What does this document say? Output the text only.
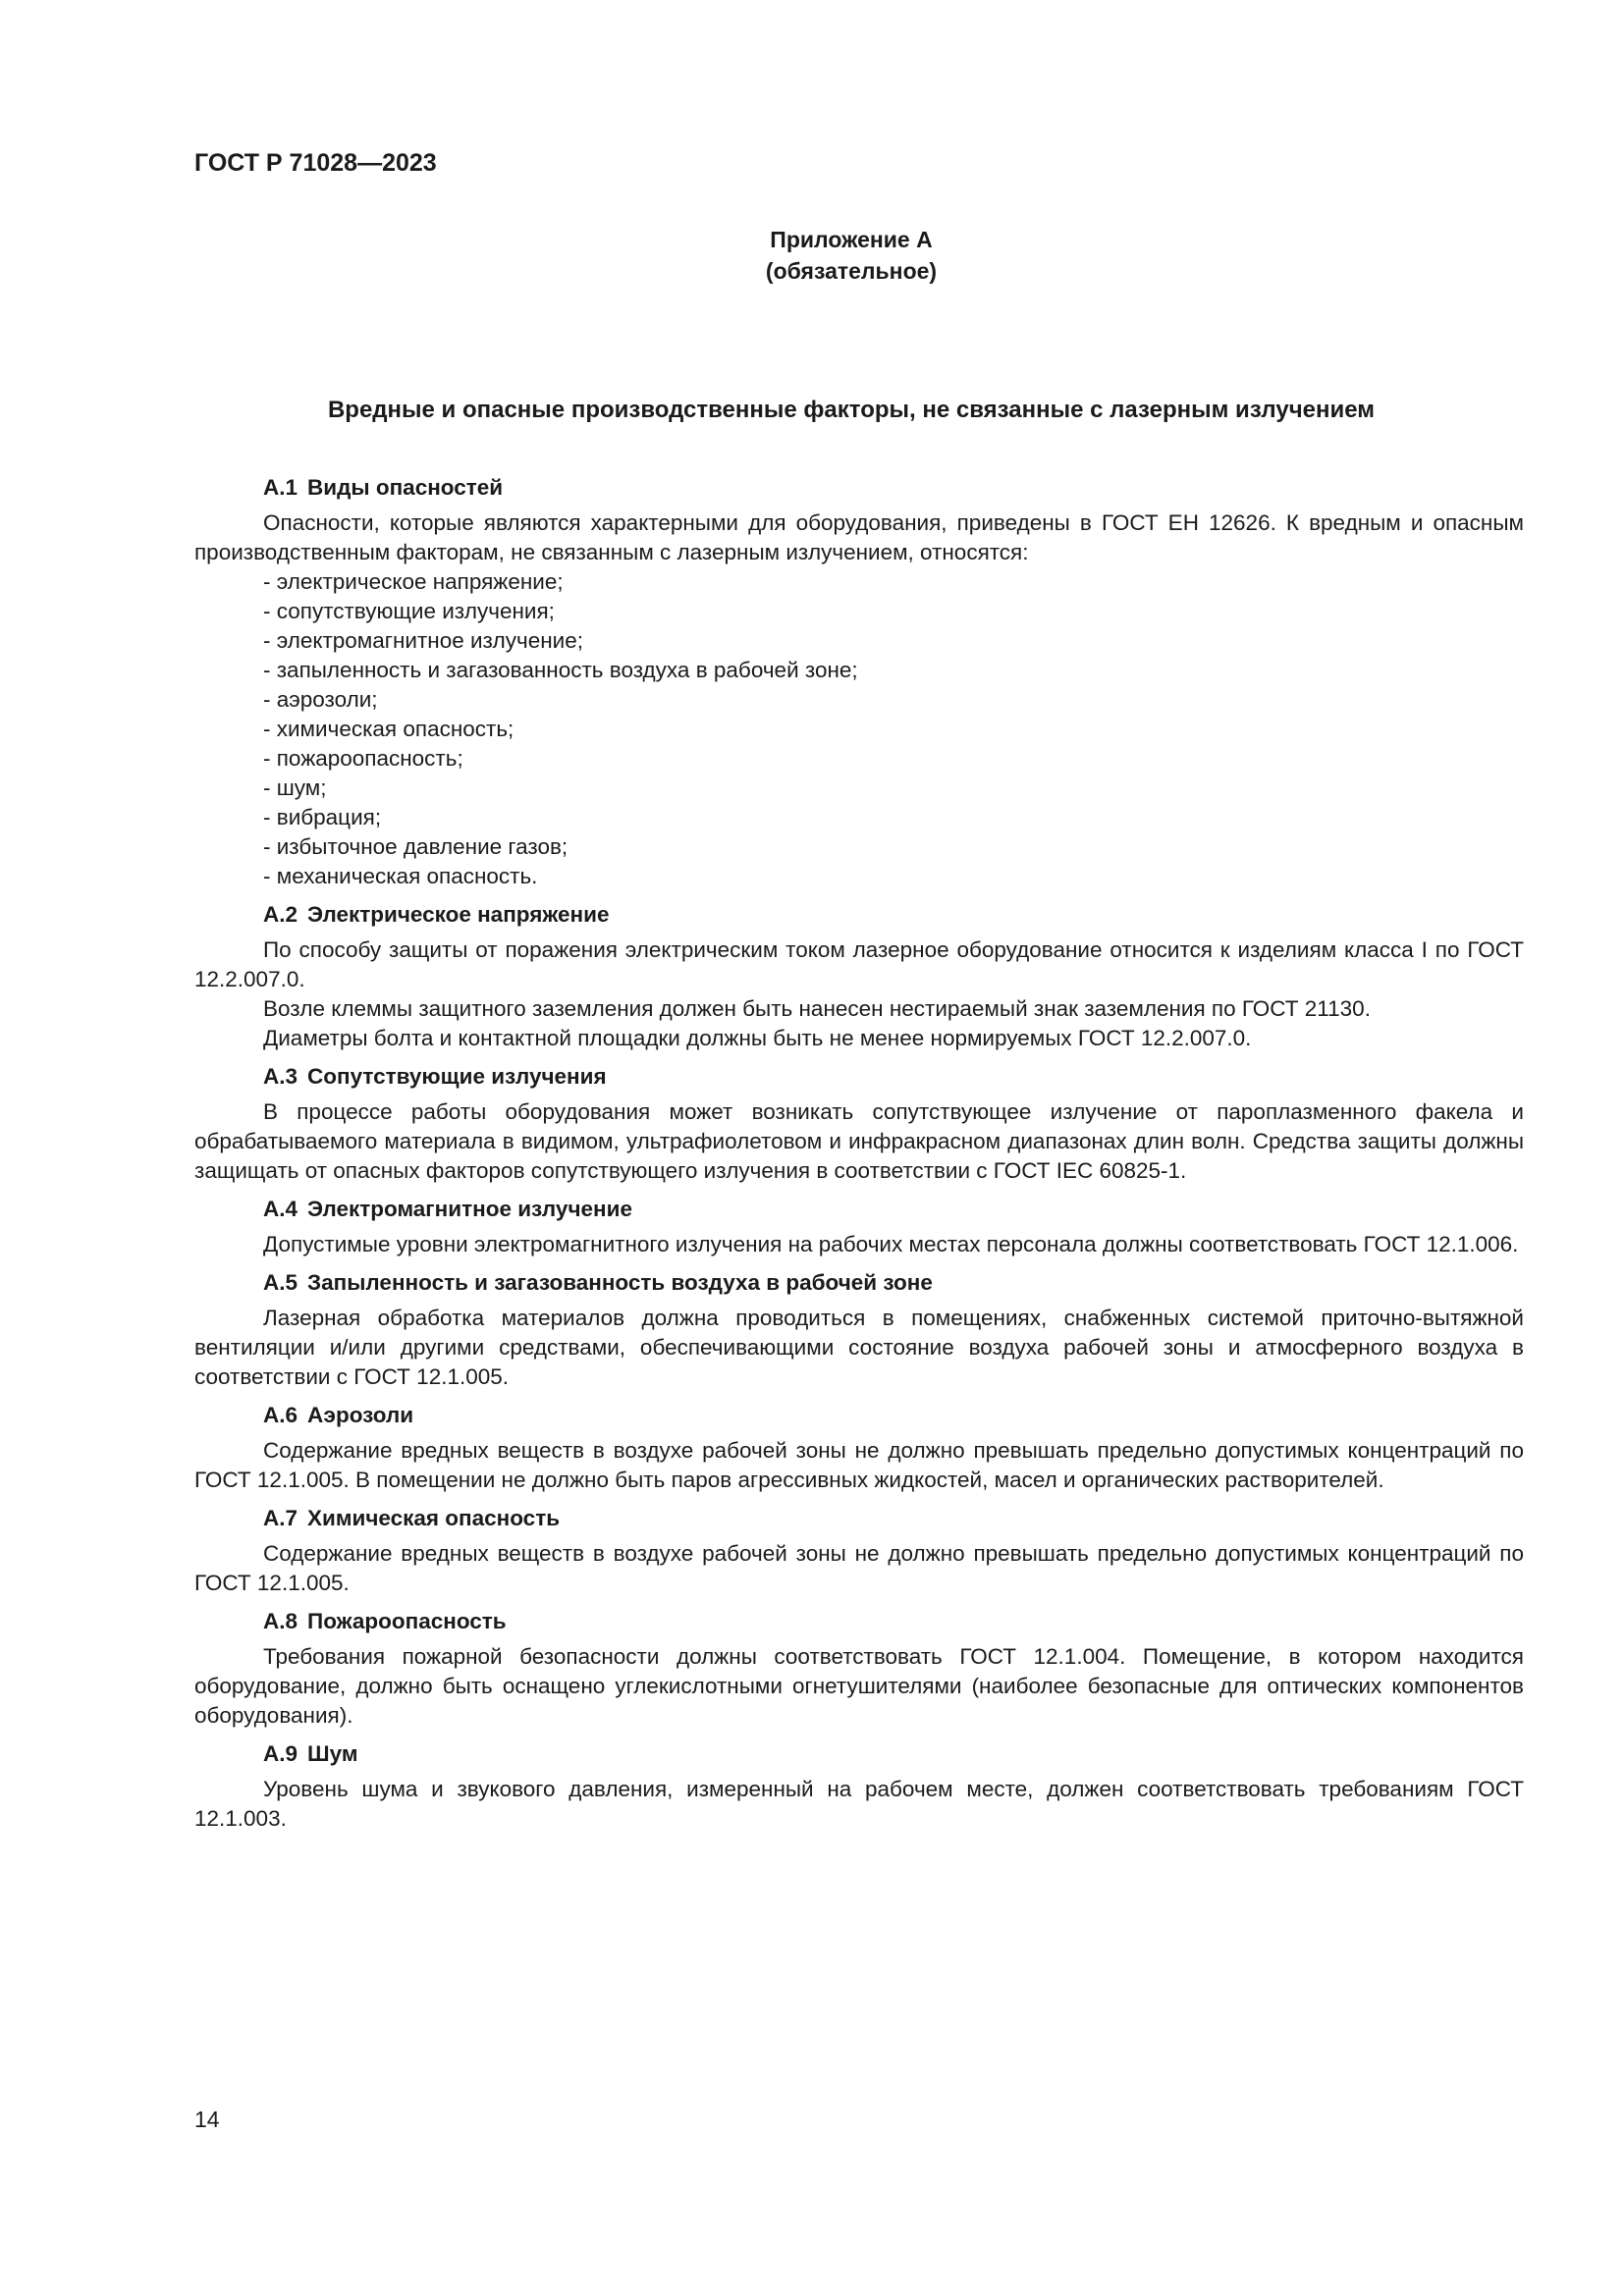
ГОСТ Р 71028—2023

Приложение А
(обязательное)
Вредные и опасные производственные факторы, не связанные с лазерным излучением
А.1 Виды опасностей

Опасности, которые являются характерными для оборудования, приведены в ГОСТ ЕН 12626. К вредным и опасным производственным факторам, не связанным с лазерным излучением, относятся:

- электрическое напряжение;
- сопутствующие излучения;
- электромагнитное излучение;
- запыленность и загазованность воздуха в рабочей зоне;
- аэрозоли;
- химическая опасность;
- пожароопасность;
- шум;
- вибрация;
- избыточное давление газов;
- механическая опасность.
А.2 Электрическое напряжение

По способу защиты от поражения электрическим током лазерное оборудование относится к изделиям класса I по ГОСТ 12.2.007.0.

Возле клеммы защитного заземления должен быть нанесен нестираемый знак заземления по ГОСТ 21130.

Диаметры болта и контактной площадки должны быть не менее нормируемых ГОСТ 12.2.007.0.

А.3 Сопутствующие излучения

В процессе работы оборудования может возникать сопутствующее излучение от пароплазменного факела и обрабатываемого материала в видимом, ультрафиолетовом и инфракрасном диапазонах длин волн. Средства защиты должны защищать от опасных факторов сопутствующего излучения в соответствии с ГОСТ IEC 60825-1.

А.4 Электромагнитное излучение

Допустимые уровни электромагнитного излучения на рабочих местах персонала должны соответствовать ГОСТ 12.1.006.

А.5 Запыленность и загазованность воздуха в рабочей зоне

Лазерная обработка материалов должна проводиться в помещениях, снабженных системой приточно-вытяжной вентиляции и/или другими средствами, обеспечивающими состояние воздуха рабочей зоны и атмосферного воздуха в соответствии с ГОСТ 12.1.005.

А.6 Аэрозоли

Содержание вредных веществ в воздухе рабочей зоны не должно превышать предельно допустимых концентраций по ГОСТ 12.1.005. В помещении не должно быть паров агрессивных жидкостей, масел и органических растворителей.

А.7 Химическая опасность

Содержание вредных веществ в воздухе рабочей зоны не должно превышать предельно допустимых концентраций по ГОСТ 12.1.005.

А.8 Пожароопасность

Требования пожарной безопасности должны соответствовать ГОСТ 12.1.004. Помещение, в котором находится оборудование, должно быть оснащено углекислотными огнетушителями (наиболее безопасные для оптических компонентов оборудования).

А.9 Шум

Уровень шума и звукового давления, измеренный на рабочем месте, должен соответствовать требованиям ГОСТ 12.1.003.

14
